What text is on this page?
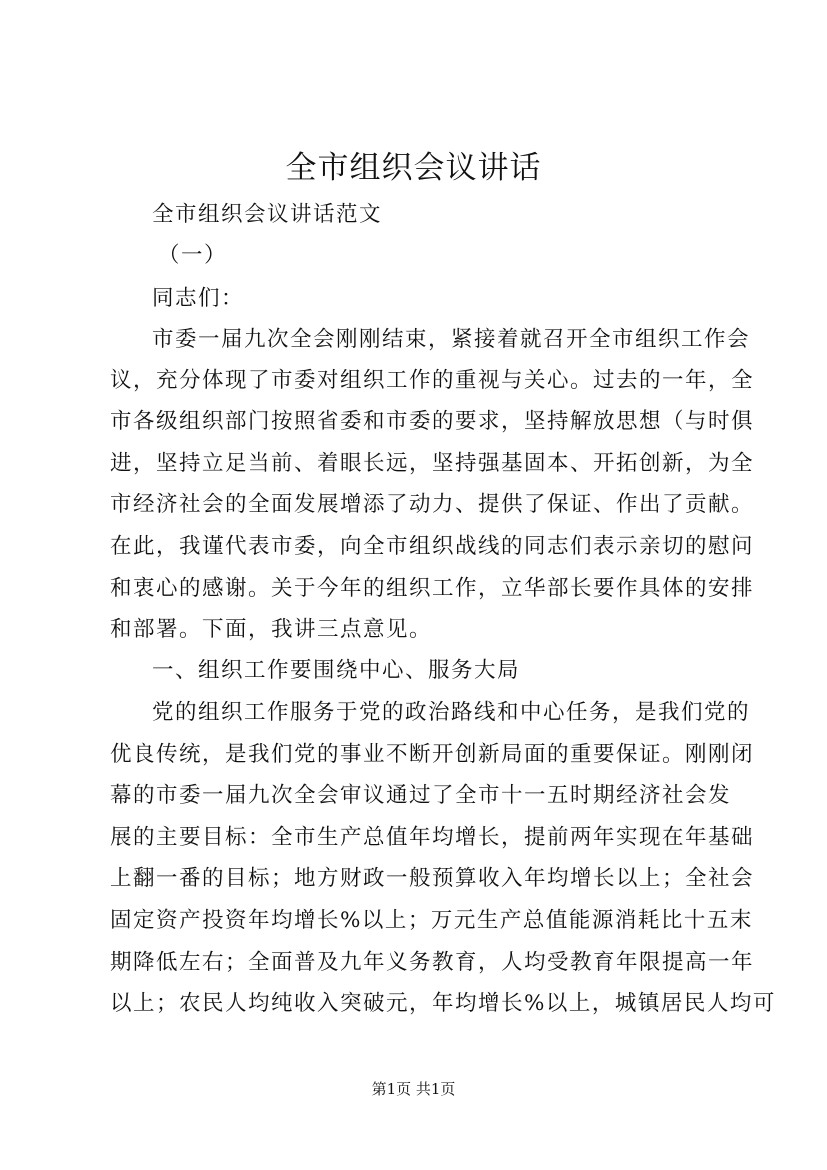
全市组织会议讲话
全市组织会议讲话范文
（一）
同志们：
市委一届九次全会刚刚结束，紧接着就召开全市组织工作会
议，充分体现了市委对组织工作的重视与关心。过去的一年，全
市各级组织部门按照省委和市委的要求，坚持解放思想（与时俱
进，坚持立足当前、着眼长远，坚持强基固本、开拓创新，为全
市经济社会的全面发展增添了动力、提供了保证、作出了贡献。
在此，我谨代表市委，向全市组织战线的同志们表示亲切的慰问
和衷心的感谢。关于今年的组织工作，立华部长要作具体的安排
和部署。下面，我讲三点意见。
一、组织工作要围绕中心、服务大局
党的组织工作服务于党的政治路线和中心任务，是我们党的
优良传统，是我们党的事业不断开创新局面的重要保证。刚刚闭
幕的市委一届九次全会审议通过了全市十一五时期经济社会发
展的主要目标：全市生产总值年均增长，提前两年实现在年基础
上翻一番的目标；地方财政一般预算收入年均增长以上；全社会
固定资产投资年均增长%以上；万元生产总值能源消耗比十五末
期降低左右；全面普及九年义务教育，人均受教育年限提高一年
以上；农民人均纯收入突破元，年均增长%以上，城镇居民人均可
第1页 共1页
